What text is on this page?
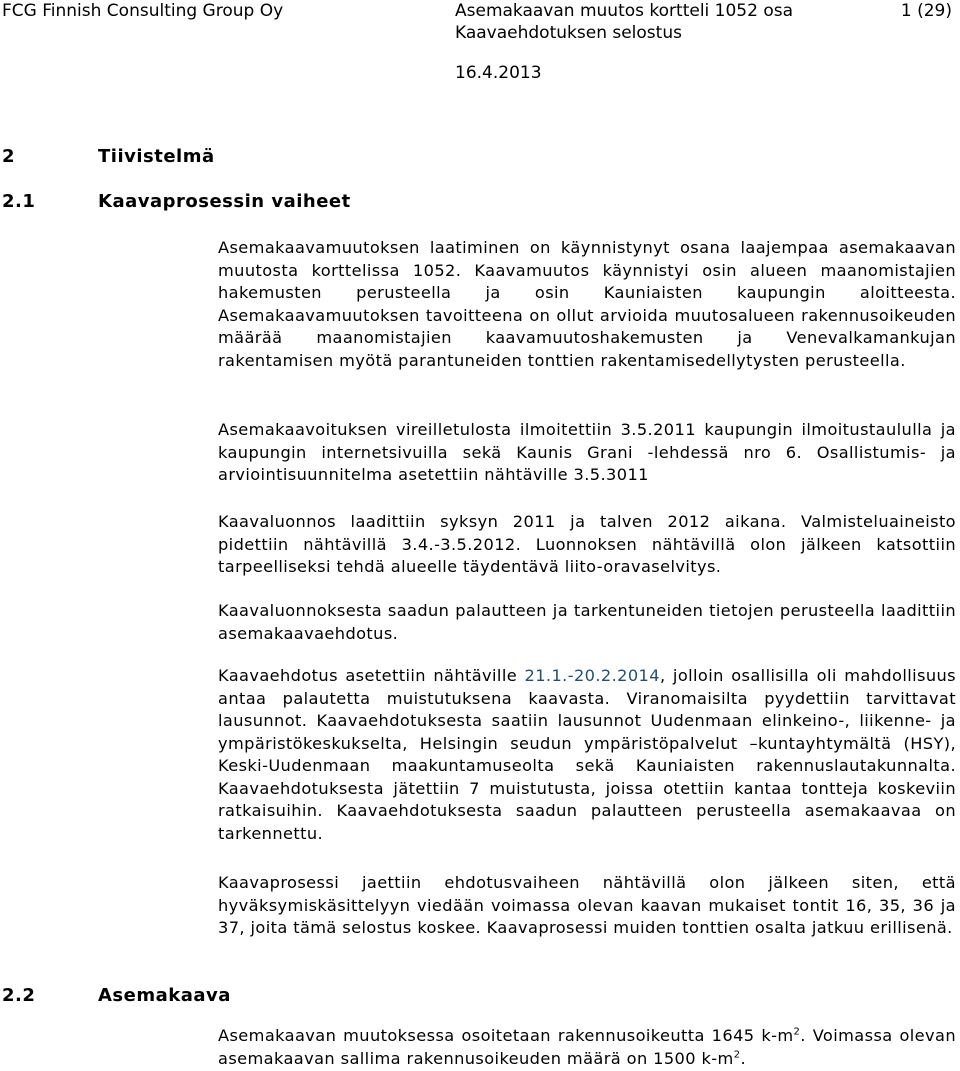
FCG Finnish Consulting Group Oy	Asemakaavan muutos kortteli 1052 osa
Kaavaehdotuksen selostus
16.4.2013
1 (29)
2	Tiivistelmä
2.1	Kaavaprosessin vaiheet

Asemakaavamuutoksen laatiminen on käynnistynyt osana laajempaa asemakaavan muutosta korttelissa 1052. Kaavamuutos käynnistyi osin alueen maanomistajien hakemusten perusteella ja osin Kauniaisten kaupungin aloitteesta. Asemakaavamuutoksen tavoitteena on ollut arvioida muutosalueen rakennusoikeuden määrää maanomistajien kaavamuutoshakemusten ja Venevalkamankujan rakentamisen myötä parantuneiden tonttien rakentamisedellytysten perusteella.

Asemakaavoituksen vireilletulosta ilmoitettiin 3.5.2011 kaupungin ilmoitustaululla ja kaupungin internetsivuilla sekä Kaunis Grani -lehdessä nro 6. Osallistumis- ja arviointisuunnitelma asetettiin nähtäville 3.5.3011

Kaavaluonnos laadittiin syksyn 2011 ja talven 2012 aikana. Valmisteluaineisto pidettiin nähtävillä 3.4.-3.5.2012. Luonnoksen nähtävillä olon jälkeen katsottiin tarpeelliseksi tehdä alueelle täydentävä liito-oravaselvitys.

Kaavaluonnoksesta saadun palautteen ja tarkentuneiden tietojen perusteella laadittiin asemakaavaehdotus.

Kaavaehdotus asetettiin nähtäville 21.1.-20.2.2014, jolloin osallisilla oli mahdollisuus antaa palautetta muistutuksena kaavasta. Viranomaisilta pyydettiin tarvittavat lausunnot. Kaavaehdotuksesta saatiin lausunnot Uudenmaan elinkeino-, liikenne- ja ympäristökeskukselta, Helsingin seudun ympäristöpalvelut –kuntayhtymältä (HSY), Keski-Uudenmaan maakuntamuseolta sekä Kauniaisten rakennuslautakunnalta. Kaavaehdotuksesta jätettiin 7 muistutusta, joissa otettiin kantaa tontteja koskeviin ratkaisuihin. Kaavaehdotuksesta saadun palautteen perusteella asemakaavaa on tarkennettu.

Kaavaprosessi jaettiin ehdotusvaiheen nähtävillä olon jälkeen siten, että hyväksymiskäsittelyyn viedään voimassa olevan kaavan mukaiset tontit 16, 35, 36 ja 37, joita tämä selostus koskee. Kaavaprosessi muiden tonttien osalta jatkuu erillisenä.

2.2	Asemakaava

Asemakaavan muutoksessa osoitetaan rakennusoikeutta 1645 $k-m^2$. Voimassa olevan asemakaavan sallima rakennusoikeuden määrä on 1500 $k-m^2$.
